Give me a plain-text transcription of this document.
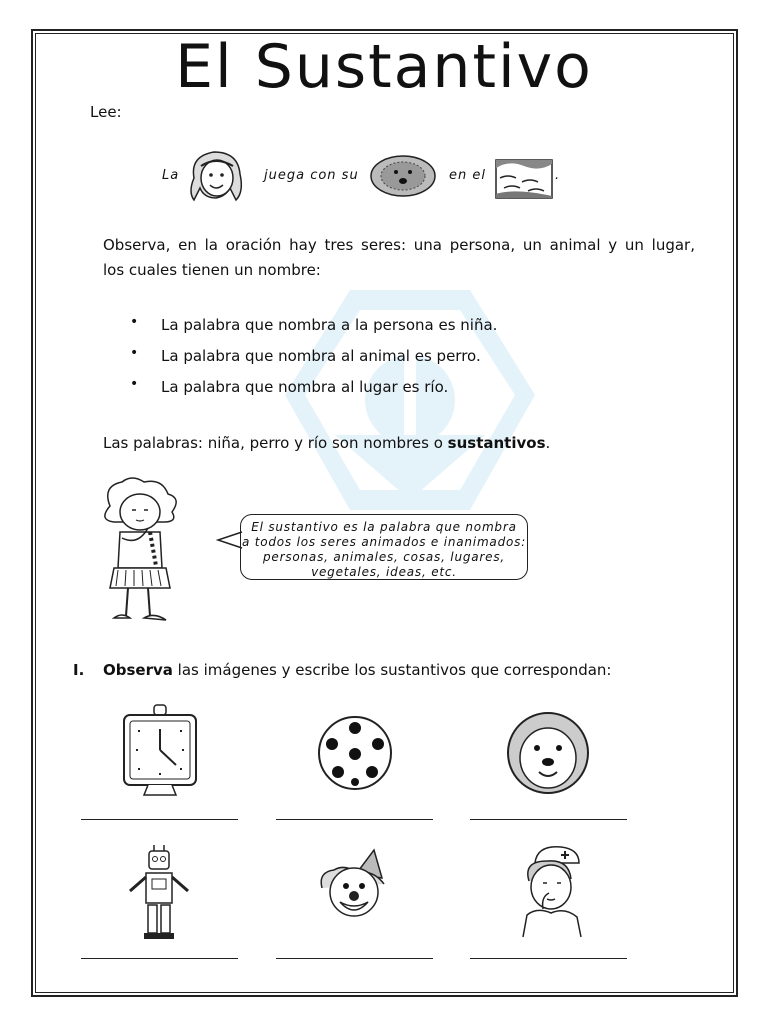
El Sustantivo
Lee:
La	juega con su	en el	.
Observa, en la oración hay tres seres: una persona, un animal y un lugar,
los cuales tienen un nombre:
• La palabra que nombra a la persona es niña.
• La palabra que nombra al animal es perro.
• La palabra que nombra al lugar es río.
Las palabras: niña, perro y río son nombres o sustantivos.
El sustantivo es la palabra que nombra
a todos los seres animados e inanimados:
personas, animales, cosas, lugares,
vegetales, ideas, etc.
I. Observa las imágenes y escribe los sustantivos que correspondan:
